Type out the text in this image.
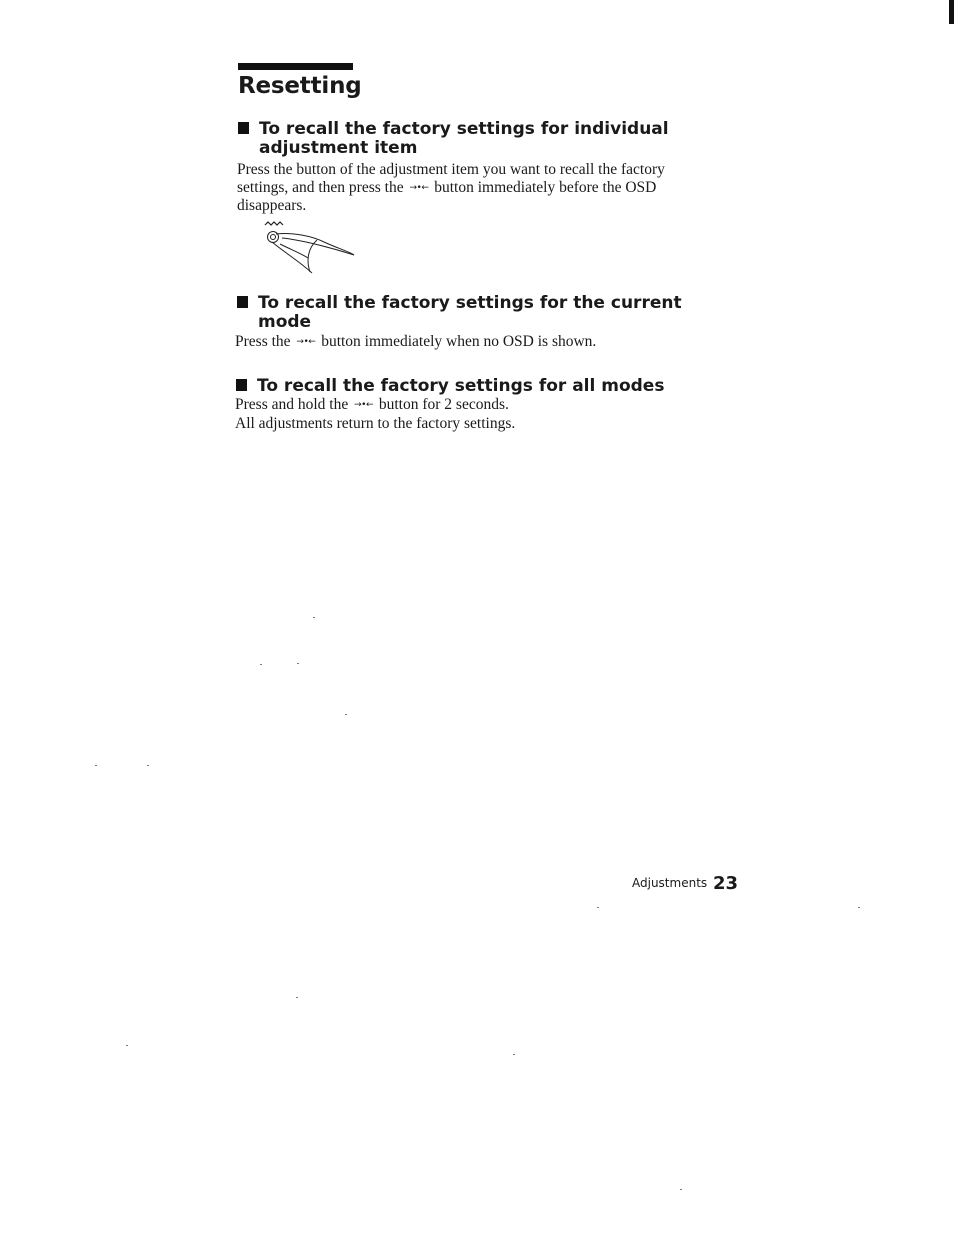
Resetting
To recall the factory settings for individual adjustment item

Press the button of the adjustment item you want to recall the factory settings, and then press the →•← button immediately before the OSD disappears.

To recall the factory settings for the current mode

Press the →•← button immediately when no OSD is shown.

To recall the factory settings for all modes

Press and hold the →•← button for 2 seconds.
All adjustments return to the factory settings.

Adjustments 23
